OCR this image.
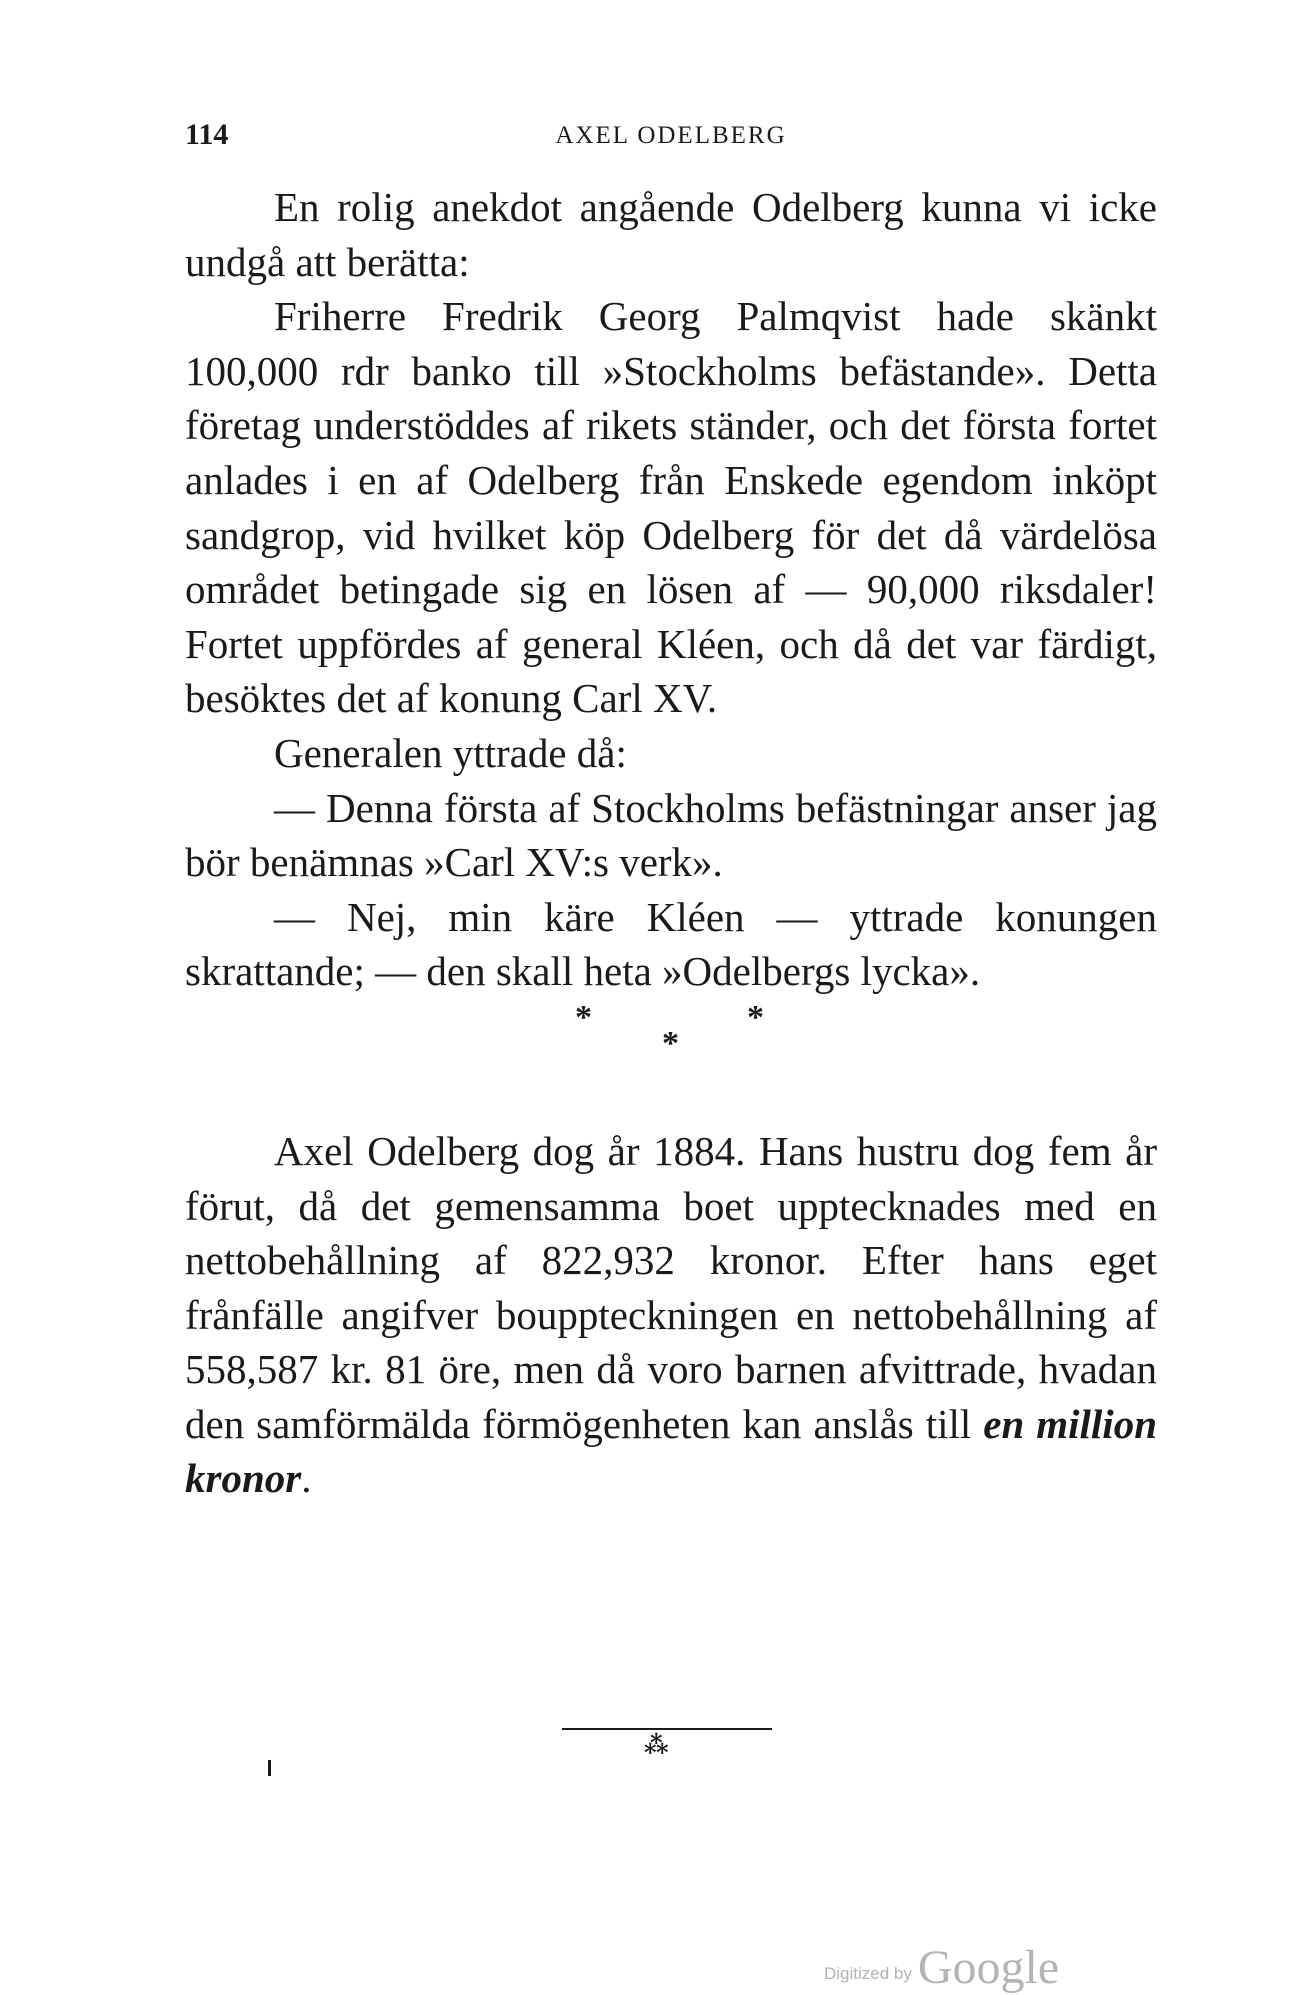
114	AXEL ODELBERG

En rolig anekdot angående Odelberg kunna vi icke undgå att berätta:

Friherre Fredrik Georg Palmqvist hade skänkt 100,000 rdr banko till »Stockholms befästande». Detta företag understöddes af rikets ständer, och det första fortet anlades i en af Odelberg från Enskede egendom inköpt sandgrop, vid hvilket köp Odelberg för det då värdelösa området betingade sig en lösen af — 90,000 riksdaler! Fortet uppfördes af general Kléen, och då det var färdigt, besöktes det af konung Carl XV.

Generalen yttrade då:

— Denna första af Stockholms befästningar anser jag bör benämnas »Carl XV:s verk».

— Nej, min käre Kléen — yttrade konungen skrattande; — den skall heta »Odelbergs lycka».

*	*
*

Axel Odelberg dog år 1884. Hans hustru dog fem år förut, då det gemensamma boet upptecknades med en nettobehållning af 822,932 kronor. Efter hans eget frånfälle angifver bouppteckningen en nettobehållning af 558,587 kr. 81 öre, men då voro barnen afvittrade, hvadan den samförmälda förmögenheten kan anslås till en million kronor.

⁂
Digitized by Google
